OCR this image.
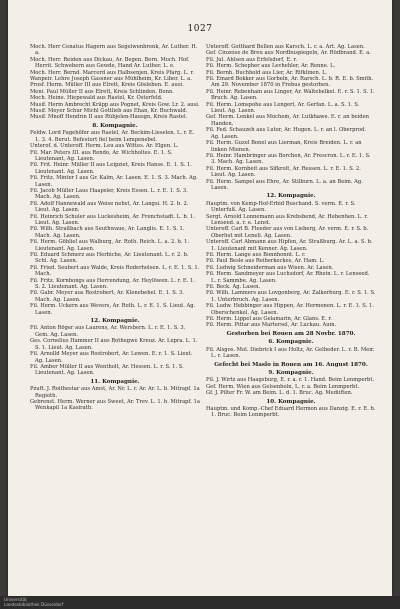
1027

Moch. Herr Cenatus Hagern aus Segelwenbrenk, Ar. Luther. H. a.

Moch. Herr. Reiden aus Dickau, Ar. Begen. Bern. Moch. Hof. Herrit. Schwebern aus Gewde, Hand Ar. Luther. L. e.

Moch. Herr. Bernd. Marcerd aus Halbsenjen, Kreis Pfarg. L. r.

Wanpeir. Lehre Joseph Gassner aus Mühlheim, Kr. Liber. L. a.

Prosf. Herm. Müller III aus Elrett, Kreis Gösleben. E. ausi.

Meni. Paul Müller II aus Elrett, Kreis Schlinden. Bonn.

Moch. Heine. Hiepewald aus Rastel, Kr. Osterfeld.

Musif. Herm Ambrecht Kräpp aus Pognet, Kreis Gow. Lr. 2. ausi.

Musif. Meyer Schur Michl Gottlieb aus Ehan, Kr. Buchwald.

Musif. Mnoff Hendrin II aus Rübjelen-Hausgn, Kreis Rastel.

8. Kompagnie.

Feldw. Lord Fagehöfer aus Rastel, Ar. Beckim-Lieselen. L. r. E. 1. 3. 4. Berut. Befestort fiel beim Lempenebel.

Unterof. d. Unteroff. Herm. Leu aus Wittes. Ar. Elgen. L.

Fil. Mar. Peters III. aus Rendo, Ar. Wichholtes. E. 1. S. Lieutenant, Ag. Lasen.

Fil. Frit. Heinr. Müller II aus Leipziet, Kreis Hanse. E. 1. S. 1. Lieutenant. Ag. Lasen.

Fil. Fritz. Minter I aus Gr. Kalm, Ar. Lasen. E. 1. S. 3. Mach. Ag. Lasen.

Fil. Jacob Müller Laus Haapsler, Kreis Essen. L. r. E. 1. S. 3. Mach. Ag. Lasen.

Fil. Adolf Hannewald aus Weise nebst, Ar. Langsi. H. 2. b. 2. Lieut. Ag. Lasen.

Fil. Heinrich Schuler aus Luckesheim, Ar. Frenchstadt. L. b. 1. Lieut. Ag. Lasen.

Fil. Wilh. Straßbach aus Seuthwaue, Ar. Langlis. E. 1. S. 1. Mach. Ag. Lasen.

Fil. Herm. Göbliel aus Walburg, Ar. Roth. Reich. L. a. 2. b. 1. Lieutenant. Ag. Lasen.

Fil. Eduard Schmerz aus Herbiche, Ar. Lieutenant. L. r. 2. b. Schl. Ag. Lasen.

Fil. Fried. Seubert aus Walde, Kreis Roderholsen. L. r. E. 1. S. 1. Mach.

Fil. Fritz. Kornbongs aus Herrendung, Ar. Heylöwen. L. r. E. 1. S. 2. Lieutenant. Ag. Lasen.

Fil. Gabr. Meyer aus Rostrobert, Ar. Klenebehel. E. 1. S. 3. Mach. Ag. Lasen.

Fil. Herm. Uckern aus Wevers, Ar. Roth. L. r. E. 1. S. Lieut. Ag. Lasen.

12. Kompagnie.

Fil. Anton Röger aus Laurens, Ar. Wersbern. L. r. E. 1. S. 3. Gem. Ag. Lasen.

Ges. Cornelius Hammer II aus Rothegwe Kreuz. Ar. Lepra. L. 1. S. 1. Lieut. Ag. Lasen.

Fil. Arnolld Meyer aus Rostrobert, Ar. Lewen. E. r. 1. S. Lieut. Ag. Lasen.

Fil. Amber Müller II aus Wentholt, Ar. Hessen. L. r. S. 1. S. Lieutenant. Ag. Lasen.

11. Kompagnie.

Pzuft. J. Roithestar aus Amst, Ar. Nr. L. r. Ar. Ar. L. b. Mitrapf. 1a Regieth.

Gebrenst. Herm. Werner aus Sweet, Ar. Trev. L. 1. b. Mitrapf. 1a Wenkapil 1a Kasirath.

Unteroff. Gotthard Bellen aus Karsch. L. r. a. Art. Ag. Lasen.

Gef. Cinzeise de Breu aus Nordbuspiegeln, Ar. Rüdbrand. E. a.

Fil. Jul. Ahlsen aus Erfelsdorf, E. r.

Fil. Herm. Schepher aus Levhehler, Ar. Renne. L.

Fil. Bernh. Buchhold aus Lier, Ar. Rifklinen. L.

Fil. Emard Bokker aus Gorbeln, Ar. Rarsch. L. b. R. E. b. Smith. Am 29. November 1870 in Frebus gestorben.

Fil. Heinr. Rebenhain aus Linger, Ar. Waltebelkel. E. r. S. 1. S. 1. Bruch. Ag. Lasen.

Fil. Herm. Lomspohe aus Lengerl, Ar. Gerfan. L. a. S. 1. S. Lieut. Ag. Lasen.

Gef. Herm. Lenkel aus Mochem, Ar. Lutkhawe. E. r. an beiden Handen.

Fil. Fed. Schauzeh aus Luter, Ar. Hugen. L. r. an l. Oberprod. Ag. Lasen.

Fil. Herm. Guzel Bonel aus Lierman, Kreis Breiden. L. r. an linken Mienen.

Fil. Heinr. Hambringer aus Borchen, Ar. Frescron. L. r. E. 1. S. 3. Mach. Ag. Lasen.

Fil. Herm. Kornbeit aus Sifkrolt, Ar. Ressen. L. r. E. 1. S. 2. Lieut. Ag. Lasen.

Fil. Herm. Sampel aus Ehre, Ar. Stilburn. L. a. an Beim. Ag. Lasen.

12. Kompagnie.

Hauptm. von Kemp-Hof-Erbid Buschand. S. verm. E. r. S. Unterfuß. Ag. Lasen.

Sergt. Arnold Lonnemann aus Krebsbend, Ar. Hebenhen. L. r. Lenseed. a. r. e. Lenst.

Unteroff. Carl B. Fleeder aus von Lieberg, Ar. verm. E. r. S. b. Oberliet mit Leneli. Ag. Lasen.

Unteroff. Carl Abmann aus Hipfen, Ar. Straßburg. Ar. L. a. S. b. 1. Lieutenant mit Kenner. Ag. Lasen.

Fil. Herm. Lange aus Bonnhonnt. L. r.

Fil. Paul Besle aus Reiberkeckes, Ar. Ham. L.

Fil. Ludwig Schneiderman aus Wisen. Ar. Lasen.

Fil. Herm. Sandmeyer aus Luchsdorf, Ar. Rhein. L. r. Lenseed. L. r. Sammbe. Ag. Lasen.

Fil. Beck. Ag. Lasen.

Fil. Wilh. Lammers aus Lovgonberg, Ar. Zalkerburg. E. r. S. 1. S. 1. Unterbruch. Ag. Lasen.

Fil. Ludw. Hebbinger aus Hippen, Ar. Hermonen. L. r. E. 1. S. 1. Oberschenkel. Ag. Lasen.

Fil. Herm. Lippel aus Gelamarin, Ar. Glans. E. r.

Fil. Herm. Pittar aus Martersel, Ar. Luckau. Aum.

Gestorben bei Rouen am 28 Novbr. 1870.

6. Kompagnie.

Fil. Alsgos. Mol. Diebrick I aus Holtz, Ar. Gelbeder. L. r. B. Meir. L. r. Lasen.

Gefecht bei Maslo in Rouen am 16. August 1870.

9. Kompagnie.

Fil. J. Wirtz aus Haagsburg, E. r. a. r. 1. Hand. Beim Lenmperbt.

Gef. Herm. Wien aus Gelsenholn, L. r. a. Beim Lenmperbt.

Gf. J. Pilter Fr. W. am Beim. L. d. 1. Bruc. Ag. Mediiften.

10. Kompagnie.

Hauptm. und Komp.-Chef Eduard Hermon aus Danzig. E. r. E. b. 1. Bruc. Beim Lenmperbt.

Universität
Landesbibliothek Düsseldorf
